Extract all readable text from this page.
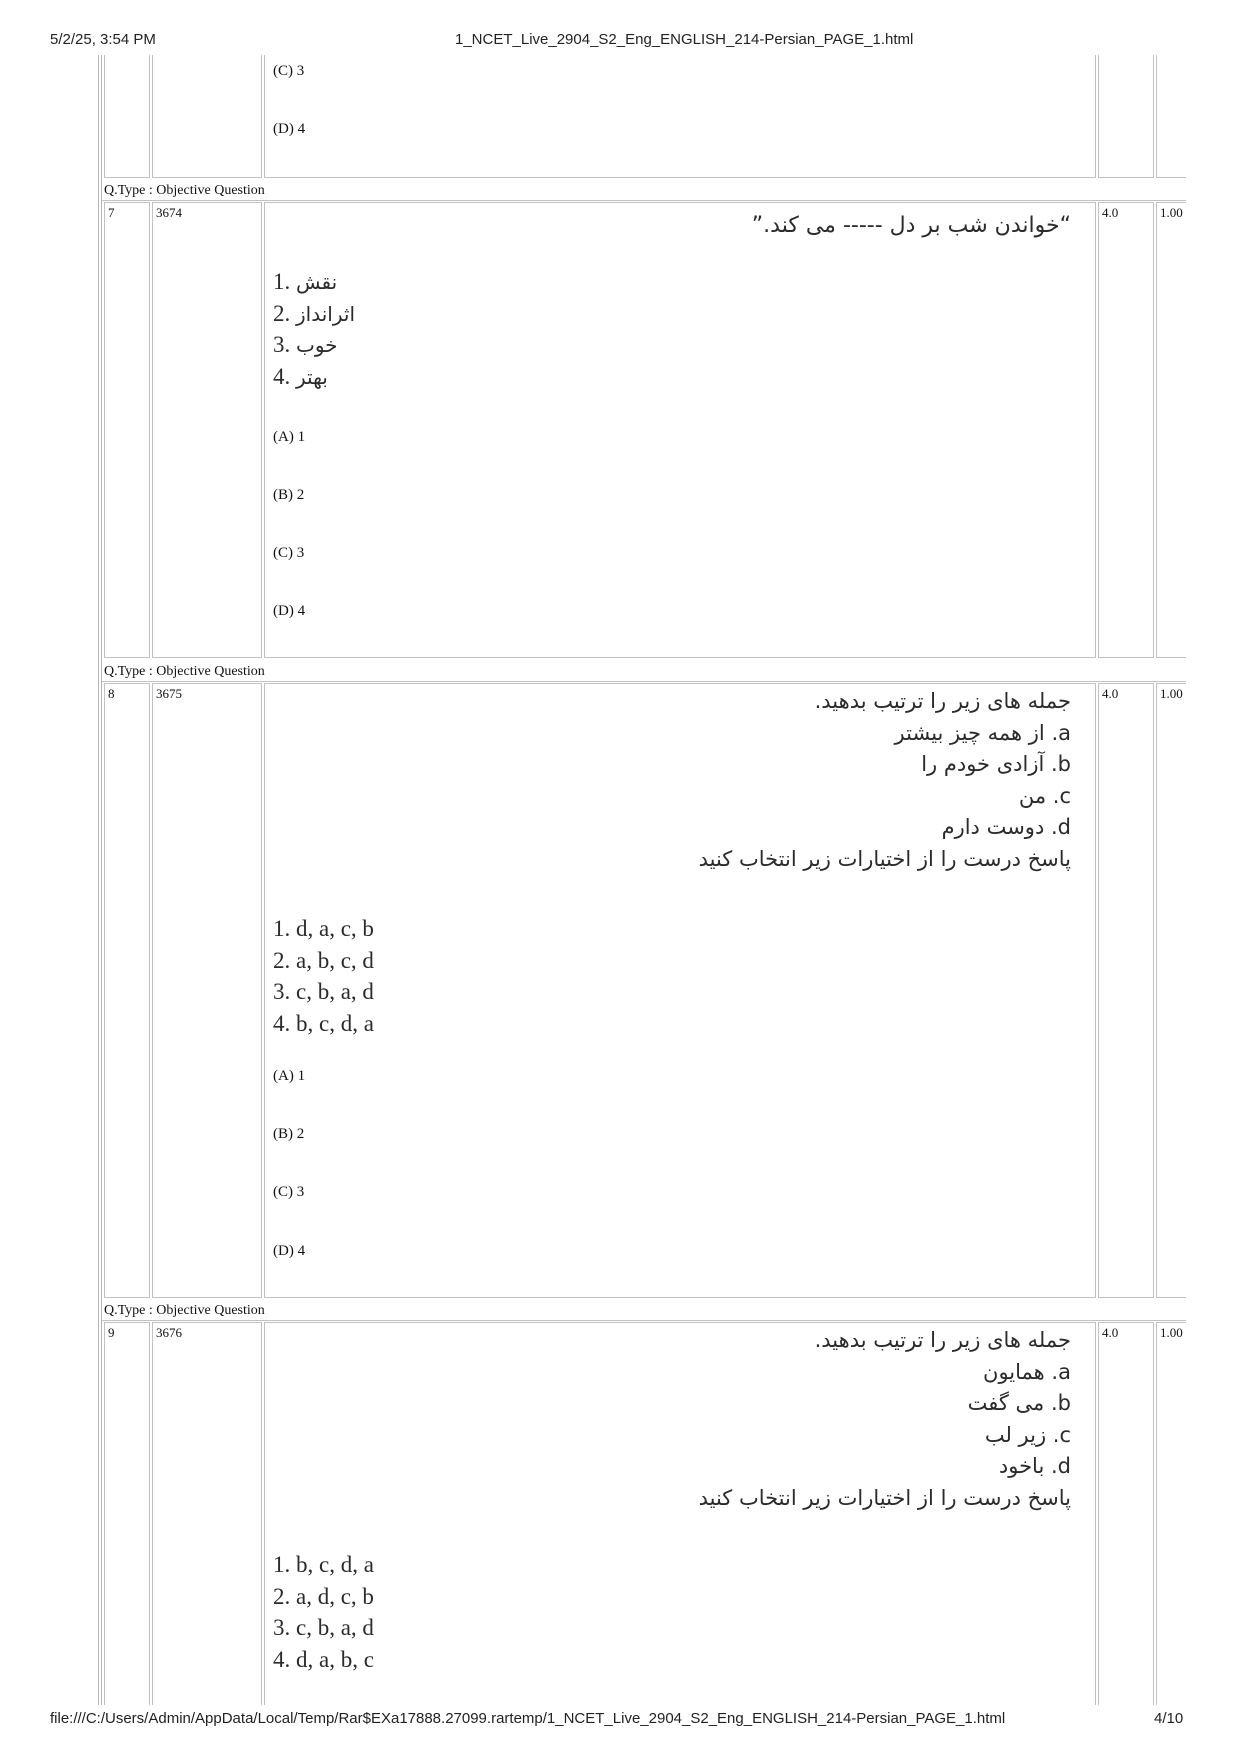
5/2/25, 3:54 PM	1_NCET_Live_2904_S2_Eng_ENGLISH_214-Persian_PAGE_1.html
(C) 3
(D) 4
Q.Type : Objective Question
7	3674
“خواندن شب بر دل ----- می کند.”
1. نقش
2. اثرانداز
3. خوب
4. بهتر
(A) 1
(B) 2
(C) 3
(D) 4
4.0	1.00
Q.Type : Objective Question
8	3675	جمله های زیر را ترتیب بدهید.
a. از همه چیز بیشتر
b. آزادی خودم را
c. من
d. دوست دارم
پاسخ درست را از اختیارات زیر انتخاب کنید
1. d, a, c, b
2. a, b, c, d
3. c, b, a, d
4. b, c, d, a
(A) 1
(B) 2
(C) 3
(D) 4
4.0	1.00
Q.Type : Objective Question
9	3676	جمله های زیر را ترتیب بدهید.
a. همایون
b. می گفت
c. زیر لب
d. باخود
پاسخ درست را از اختیارات زیر انتخاب کنید
1. b, c, d, a
2. a, d, c, b
3. c, b, a, d
4. d, a, b, c
4.0	1.00
file:///C:/Users/Admin/AppData/Local/Temp/Rar$EXa17888.27099.rartemp/1_NCET_Live_2904_S2_Eng_ENGLISH_214-Persian_PAGE_1.html	4/10
